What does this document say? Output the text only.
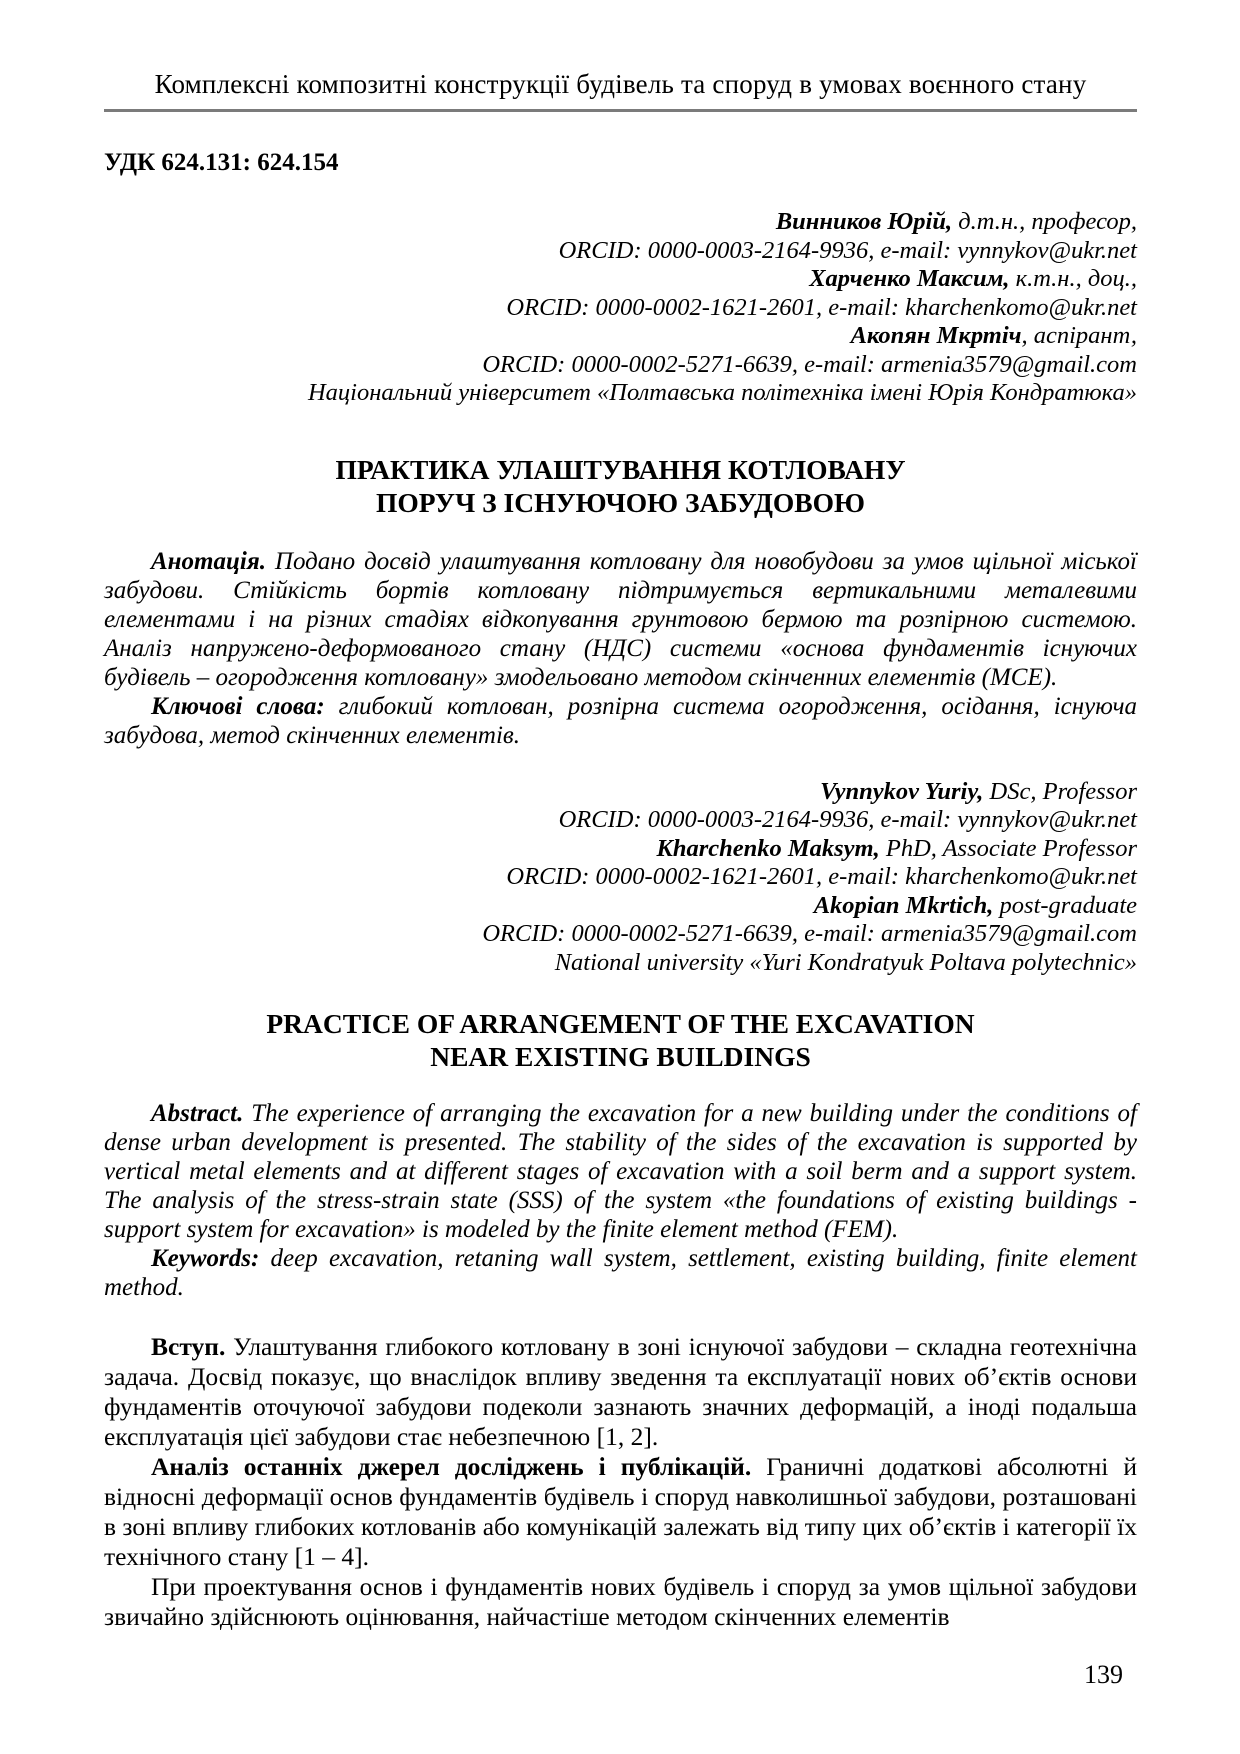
Комплексні композитні конструкції будівель та споруд в умовах воєнного стану
УДК 624.131: 624.154
Винников Юрій, д.т.н., професор,
ORCID: 0000-0003-2164-9936, e-mail: vynnykov@ukr.net
Харченко Максим, к.т.н., доц.,
ORCID: 0000-0002-1621-2601, e-mail: kharchenkomo@ukr.net
Акопян Мкртіч, аспірант,
ORCID: 0000-0002-5271-6639, e-mail: armenia3579@gmail.com
Національний університет «Полтавська політехніка імені Юрія Кондратюка»
ПРАКТИКА УЛАШТУВАННЯ КОТЛОВАНУ
ПОРУЧ З ІСНУЮЧОЮ ЗАБУДОВОЮ

Анотація. Подано досвід улаштування котловану для новобудови за умов щільної міської забудови. Стійкість бортів котловану підтримується вертикальними металевими елементами і на різних стадіях відкопування грунтовою бермою та розпірною системою. Аналіз напружено-деформованого стану (НДС) системи «основа фундаментів існуючих будівель – огородження котловану» змодельовано методом скінченних елементів (МСЕ).

Ключові слова: глибокий котлован, розпірна система огородження, осідання, існуюча забудова, метод скінченних елементів.

Vynnykov Yuriy, DSc, Professor
ORCID: 0000-0003-2164-9936, e-mail: vynnykov@ukr.net
Kharchenko Maksym, PhD, Associate Professor
ORCID: 0000-0002-1621-2601, e-mail: kharchenkomo@ukr.net
Akopian Mkrtich, post-graduate
ORCID: 0000-0002-5271-6639, e-mail: armenia3579@gmail.com
National university «Yuri Kondratyuk Poltava polytechnic»
PRACTICE OF ARRANGEMENT OF THE EXCAVATION
NEAR EXISTING BUILDINGS

Abstract. The experience of arranging the excavation for a new building under the conditions of dense urban development is presented. The stability of the sides of the excavation is supported by vertical metal elements and at different stages of excavation with a soil berm and a support system. The analysis of the stress-strain state (SSS) of the system «the foundations of existing buildings - support system for excavation» is modeled by the finite element method (FEM).

Keywords: deep excavation, retaning wall system, settlement, existing building, finite element method.

Вступ. Улаштування глибокого котловану в зоні існуючої забудови – складна геотехнічна задача. Досвід показує, що внаслідок впливу зведення та експлуатації нових об’єктів основи фундаментів оточуючої забудови подеколи зазнають значних деформацій, а іноді подальша експлуатація цієї забудови стає небезпечною [1, 2].

Аналіз останніх джерел досліджень і публікацій. Граничні додаткові абсолютні й відносні деформації основ фундаментів будівель і споруд навколишньої забудови, розташовані в зоні впливу глибоких котлованів або комунікацій залежать від типу цих об’єктів і категорії їх технічного стану [1 – 4].

При проектування основ і фундаментів нових будівель і споруд за умов щільної забудови звичайно здійснюють оцінювання, найчастіше методом скінченних елементів

139
